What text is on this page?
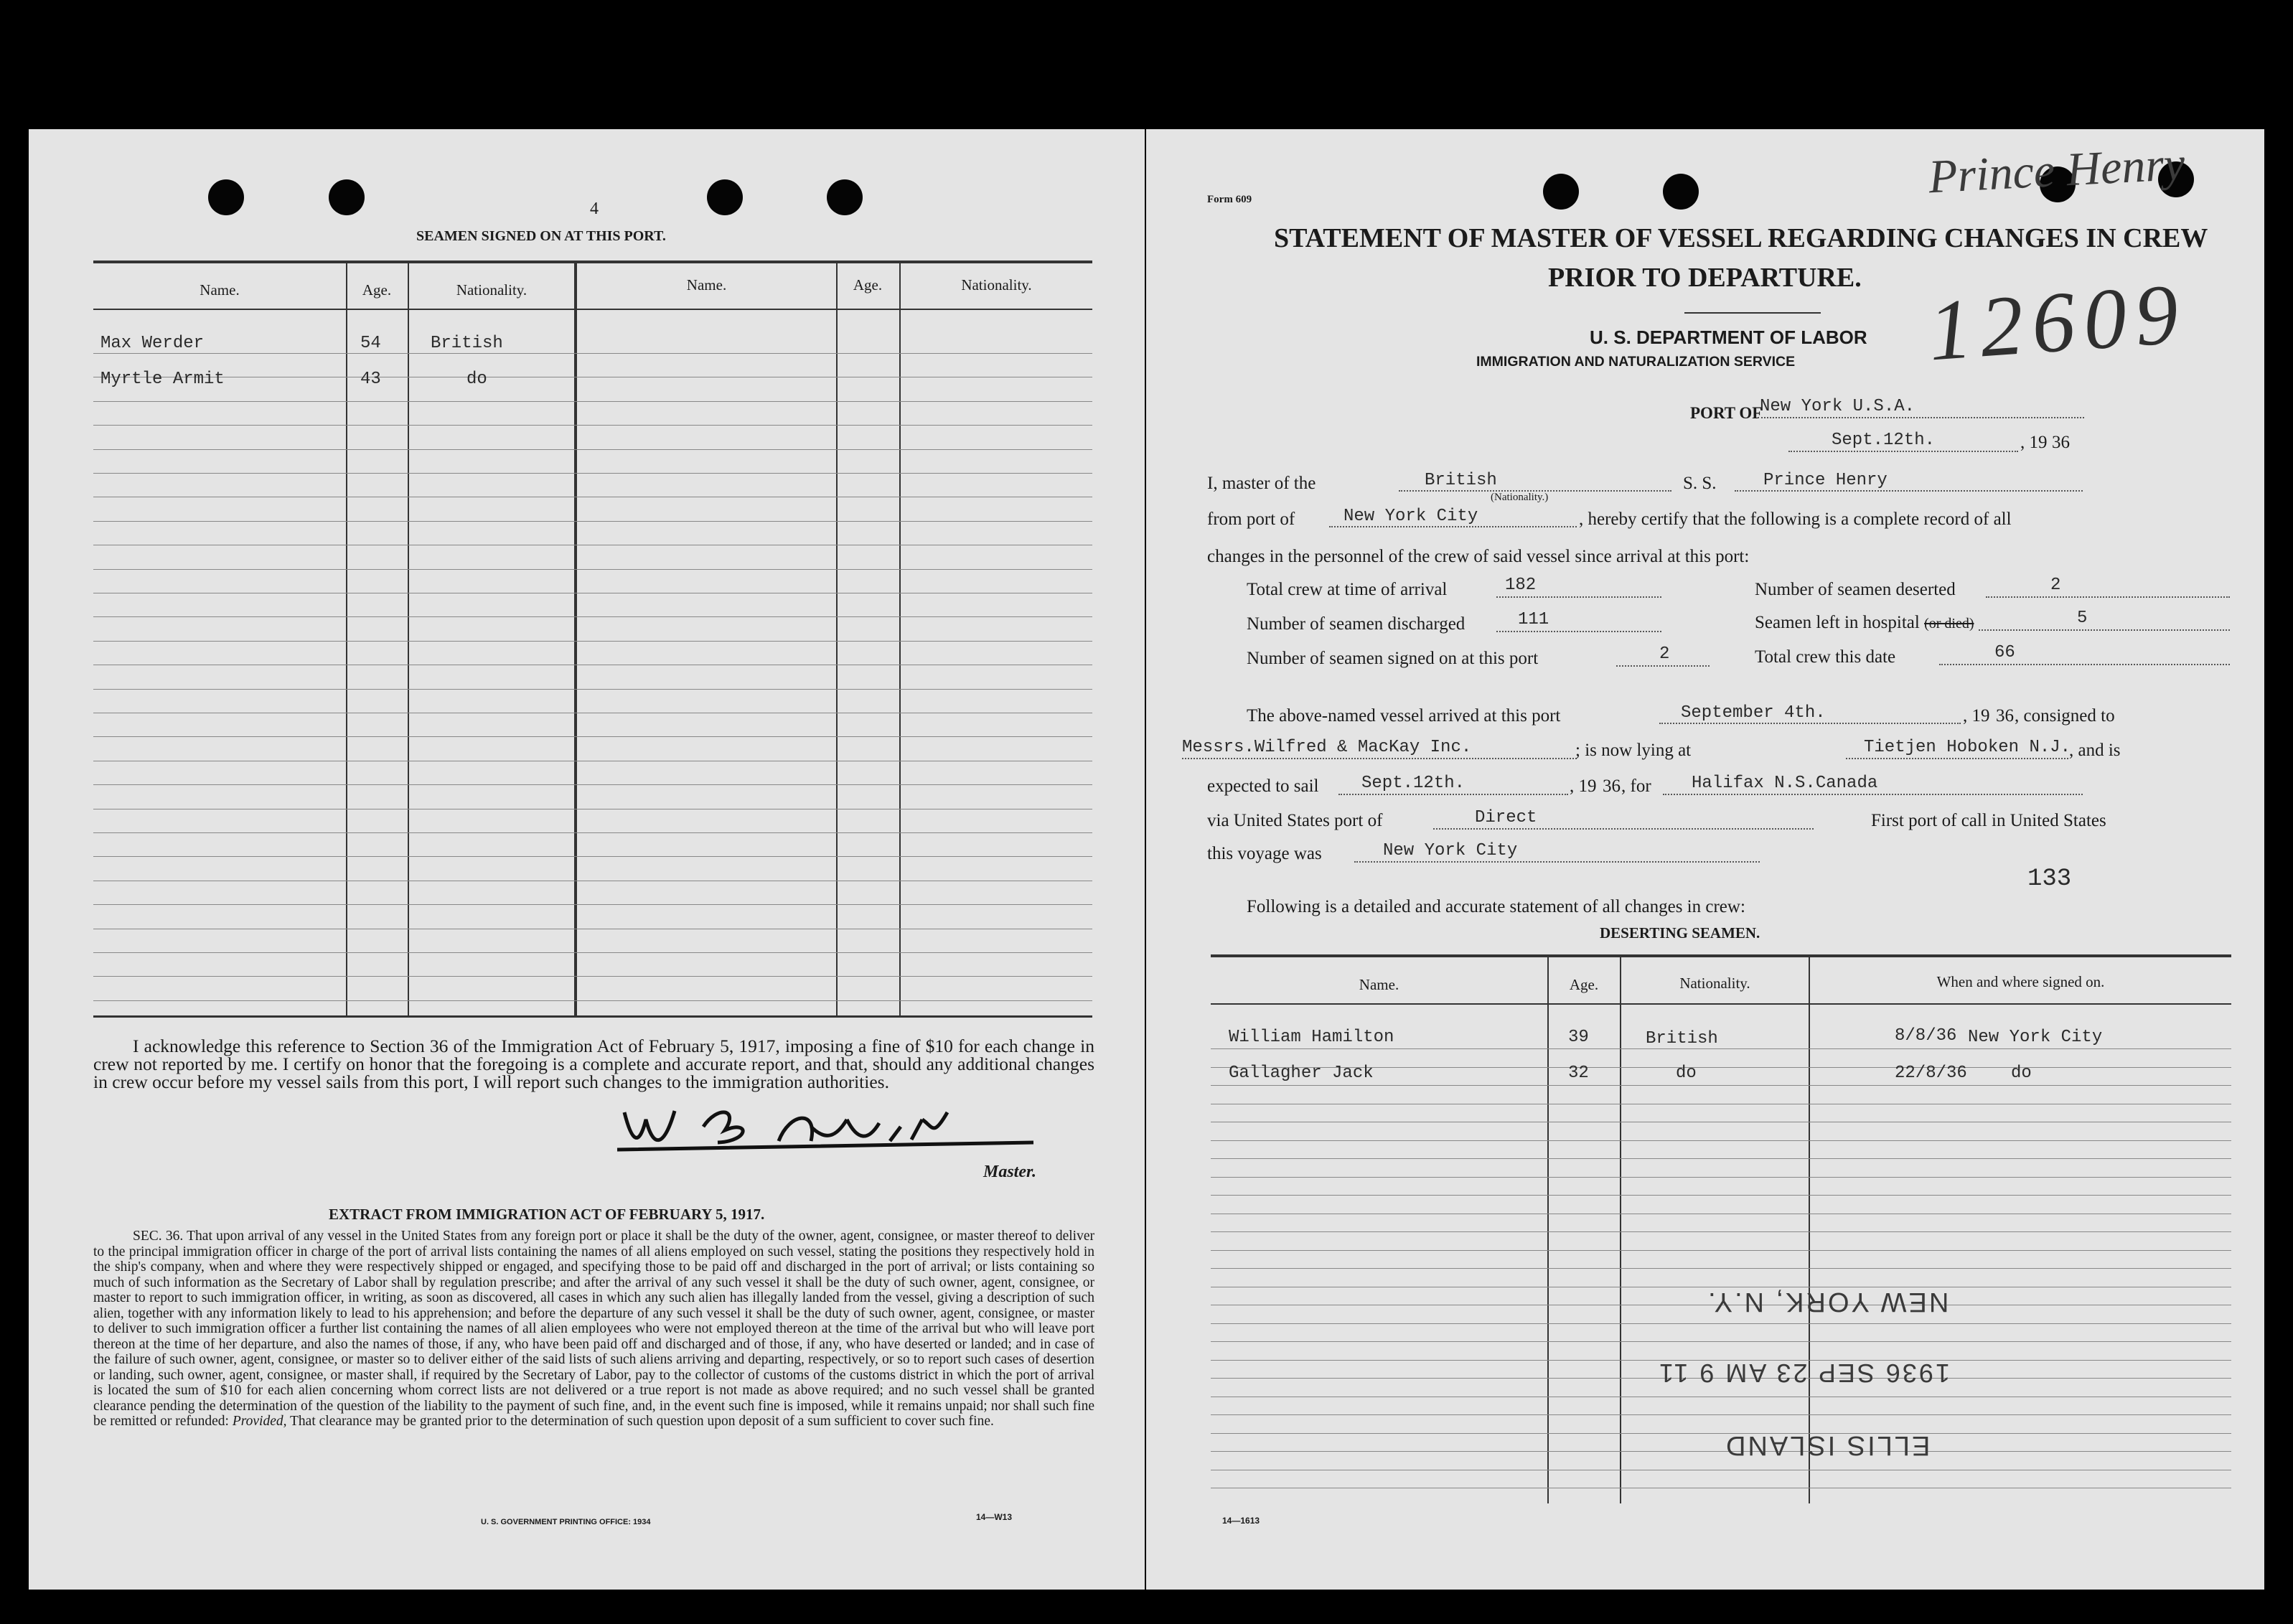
4
SEAMEN SIGNED ON AT THIS PORT.
Name.	Age.	Nationality.	Name.	Age.	Nationality.
Max Werder	54	British
Myrtle Armit	43	do
I acknowledge this reference to Section 36 of the Immigration Act of February 5, 1917, imposing a fine of $10 for each change in crew not reported by me. I certify on honor that the foregoing is a complete and accurate report, and that, should any additional changes in crew occur before my vessel sails from this port, I will report such changes to the immigration authorities.
Master.
EXTRACT FROM IMMIGRATION ACT OF FEBRUARY 5, 1917.
SEC. 36. That upon arrival of any vessel in the United States from any foreign port or place it shall be the duty of the owner, agent, consignee, or master thereof to deliver to the principal immigration officer in charge of the port of arrival lists containing the names of all aliens employed on such vessel, stating the positions they respectively hold in the ship's company, when and where they were respectively shipped or engaged, and specifying those to be paid off and discharged in the port of arrival; or lists containing so much of such information as the Secretary of Labor shall by regulation prescribe; and after the arrival of any such vessel it shall be the duty of such owner, agent, consignee, or master to report to such immigration officer, in writing, as soon as discovered, all cases in which any such alien has illegally landed from the vessel, giving a description of such alien, together with any information likely to lead to his apprehension; and before the departure of any such vessel it shall be the duty of such owner, agent, consignee, or master to deliver to such immigration officer a further list containing the names of all alien employees who were not employed thereon at the time of the arrival but who will leave port thereon at the time of her departure, and also the names of those, if any, who have been paid off and discharged and of those, if any, who have deserted or landed; and in case of the failure of such owner, agent, consignee, or master so to deliver either of the said lists of such aliens arriving and departing, respectively, or so to report such cases of desertion or landing, such owner, agent, consignee, or master shall, if required by the Secretary of Labor, pay to the collector of customs of the customs district in which the port of arrival is located the sum of $10 for each alien concerning whom correct lists are not delivered or a true report is not made as above required; and no such vessel shall be granted clearance pending the determination of the question of the liability to the payment of such fine, and, in the event such fine is imposed, while it remains unpaid; nor shall such fine be remitted or refunded: Provided, That clearance may be granted prior to the determination of such question upon deposit of a sum sufficient to cover such fine.
U. S. GOVERNMENT PRINTING OFFICE: 1934	14—W13
Form 609
STATEMENT OF MASTER OF VESSEL REGARDING CHANGES IN CREW
PRIOR TO DEPARTURE.
U. S. DEPARTMENT OF LABOR
IMMIGRATION AND NATURALIZATION SERVICE
Prince Henry
12609
PORT OF
New York U.S.A.
Sept.12th.	, 19 36
I, master of the	British
(Nationality.)
S. S.	Prince Henry
from port of	New York City	, hereby certify that the following is a complete record of all
changes in the personnel of the crew of said vessel since arrival at this port:
Total crew at time of arrival	182
Number of seamen discharged	111
Number of seamen signed on at this port	2
Number of seamen deserted	2
Seamen left in hospital (or died)	5
Total crew this date	66
The above-named vessel arrived at this port	September 4th.	, 19 36 , consigned to
Messrs.Wilfred & MacKay Inc.	; is now lying at	Tietjen Hoboken N.J.
, and is
expected to sail Sept.12th.	, 19 36 , for Halifax N.S.Canada
via United States port of	Direct	First port of call in United States
this voyage was	New York City
133
Following is a detailed and accurate statement of all changes in crew:
DESERTING SEAMEN.
Name.	Age.	Nationality.	When and where signed on.
William Hamilton	39	British	8/8/36 New York City
Gallagher Jack	32	do	22/8/36	do
NEW YORK, N.Y.
1936 SEP 23 AM 9 11
ELLIS ISLAND
14—1613
